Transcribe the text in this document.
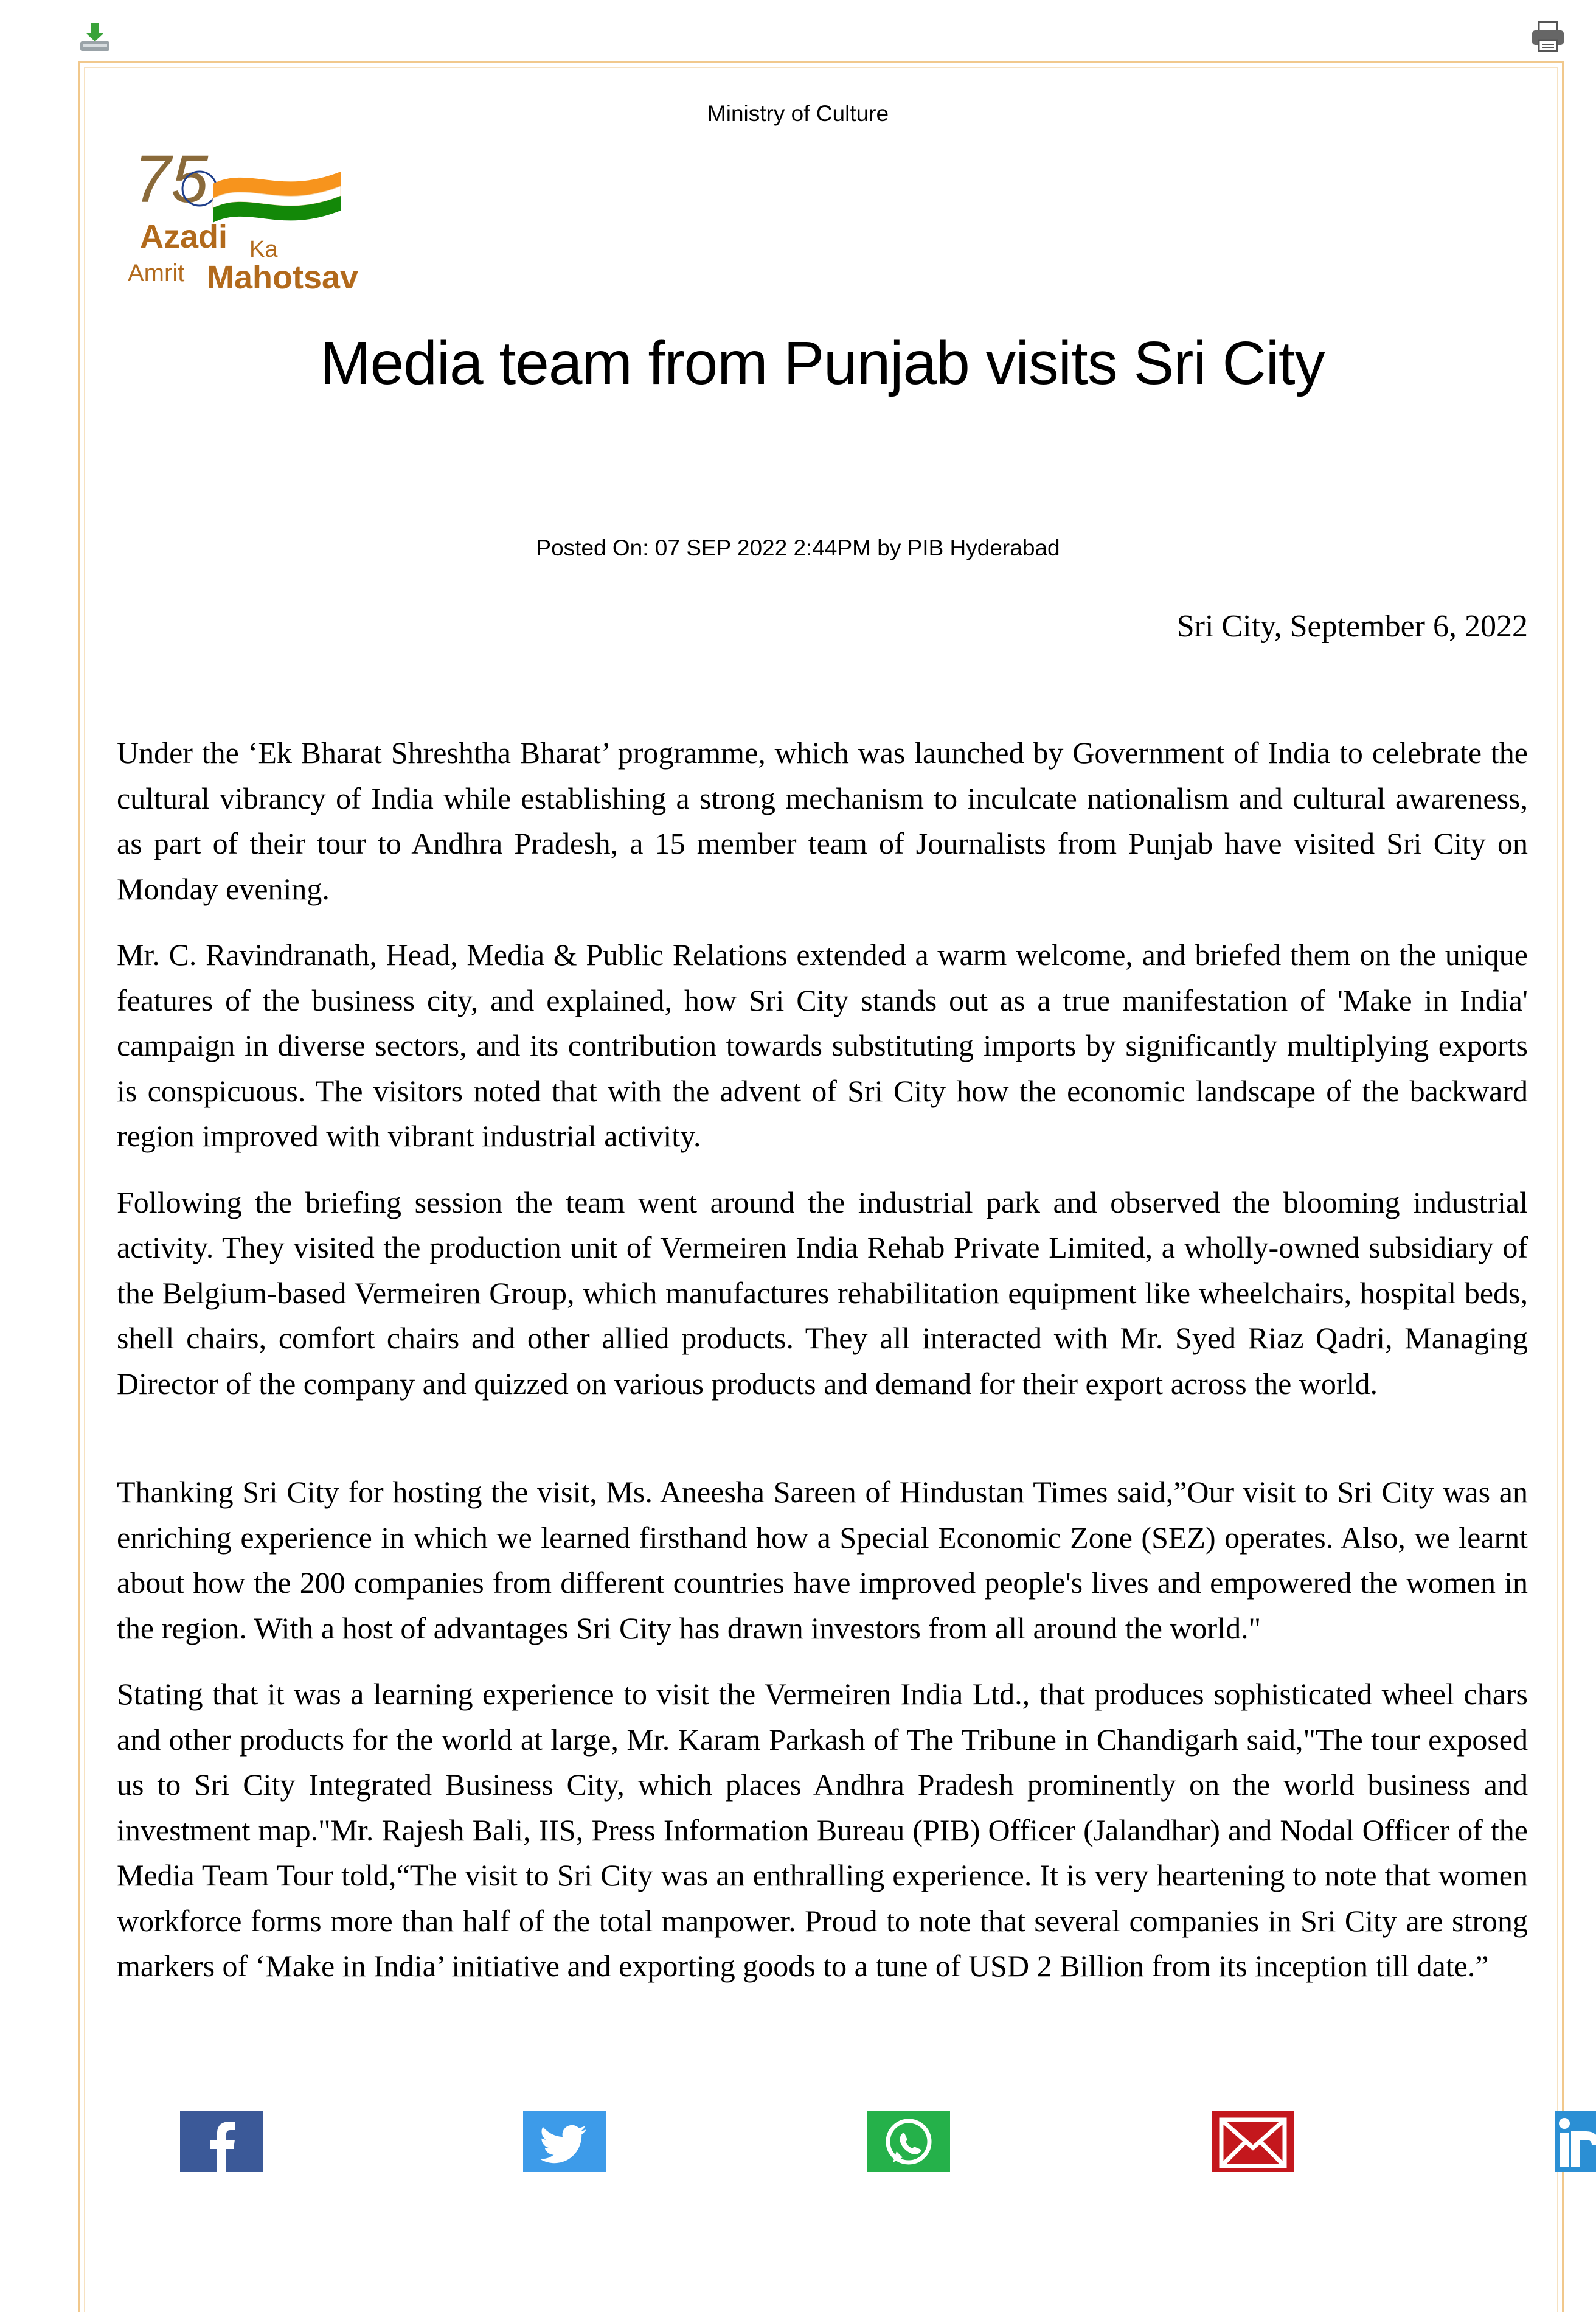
Ministry of Culture
75
Azadi Ka
Amrit Mahotsav
Media team from Punjab visits Sri City
Posted On: 07 SEP 2022 2:44PM by PIB Hyderabad
Sri City, September 6, 2022

Under the ‘Ek Bharat Shreshtha Bharat’ programme, which was launched by Government of India to celebrate the cultural vibrancy of India while establishing a strong mechanism to inculcate nationalism and cultural awareness, as part of their tour to Andhra Pradesh, a 15 member team of Journalists from Punjab have visited Sri City on Monday evening.

Mr. C. Ravindranath, Head, Media & Public Relations extended a warm welcome, and briefed them on the unique features of the business city, and explained, how Sri City stands out as a true manifestation of 'Make in India' campaign in diverse sectors, and its contribution towards substituting imports by significantly multiplying exports is conspicuous. The visitors noted that with the advent of Sri City how the economic landscape of the backward region improved with vibrant industrial activity.

Following the briefing session the team went around the industrial park and observed the blooming industrial activity. They visited the production unit of Vermeiren India Rehab Private Limited, a wholly-owned subsidiary of the Belgium-based Vermeiren Group, which manufactures rehabilitation equipment like wheelchairs, hospital beds, shell chairs, comfort chairs and other allied products. They all interacted with Mr. Syed Riaz Qadri, Managing Director of the company and quizzed on various products and demand for their export across the world.

Thanking Sri City for hosting the visit, Ms. Aneesha Sareen of Hindustan Times said,”Our visit to Sri City was an enriching experience in which we learned firsthand how a Special Economic Zone (SEZ) operates. Also, we learnt about how the 200 companies from different countries have improved people's lives and empowered the women in the region. With a host of advantages Sri City has drawn investors from all around the world."

Stating that it was a learning experience to visit the Vermeiren India Ltd., that produces sophisticated wheel chars and other products for the world at large, Mr. Karam Parkash of The Tribune in Chandigarh said,"The tour exposed us to Sri City Integrated Business City, which places Andhra Pradesh prominently on the world business and investment map."Mr. Rajesh Bali, IIS, Press Information Bureau (PIB) Officer (Jalandhar) and Nodal Officer of the Media Team Tour told,“The visit to Sri City was an enthralling experience. It is very heartening to note that women workforce forms more than half of the total manpower. Proud to note that several companies in Sri City are strong markers of ‘Make in India’ initiative and exporting goods to a tune of USD 2 Billion from its inception till date.”
